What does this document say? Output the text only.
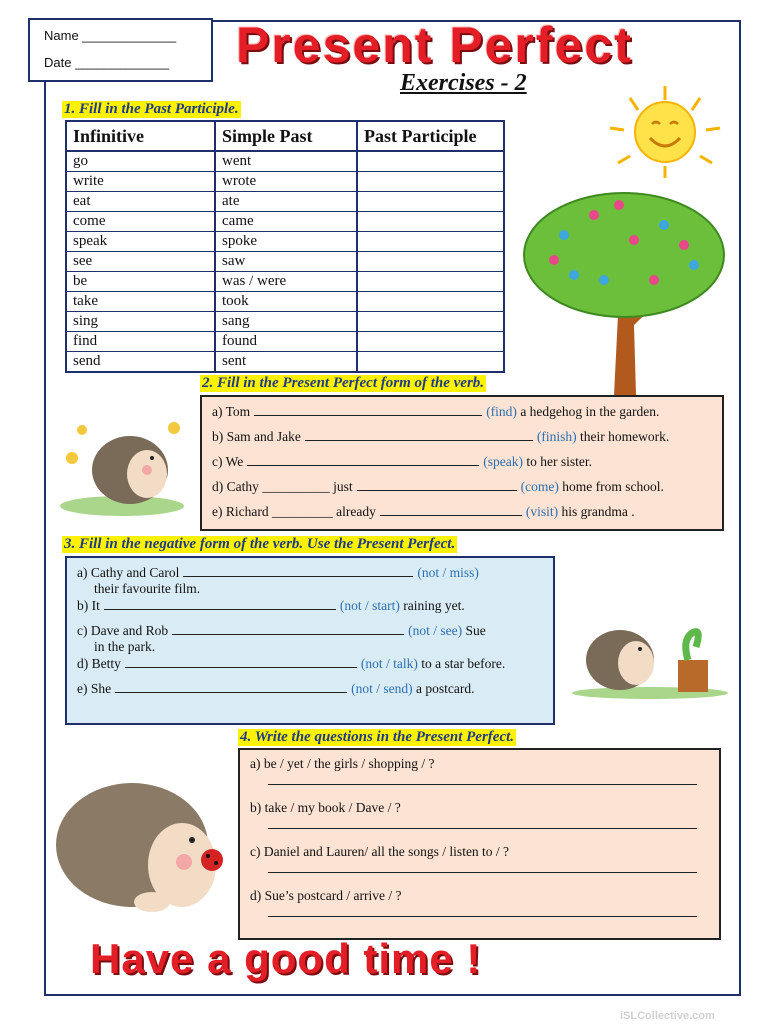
Name _____________
Date _____________	Present Perfect
Exercises - 2
1. Fill in the Past Participle.
Infinitive	Simple Past	Past Participle
go	went	
write	wrote	
eat	ate	
come	came	
speak	spoke	
see	saw	
be	was / were	
take	took	
sing	sang	
find	found	
send	sent	
2. Fill in the Present Perfect form of the verb.
a) Tom	(find) a hedgehog in the garden.
b) Sam and Jake	(finish) their homework.
c) We	(speak) to her sister.
d) Cathy __________ just	(come) home from school.
e) Richard _________ already	(visit) his grandma .
3. Fill in the negative form of the verb. Use the Present Perfect.
a) Cathy and Carol	(not / miss)
their favourite film.
b) It	(not / start) raining yet.
c) Dave and Rob	(not / see) Sue
in the park.
d) Betty	(not / talk) to a star before.
e) She	(not / send) a postcard.
4. Write the questions in the Present Perfect.
a) be / yet / the girls / shopping / ?
b) take / my book / Dave / ?
c) Daniel and Lauren/ all the songs / listen to / ?
d) Sue’s postcard / arrive / ?
Have a good time !
iSLCollective.com
